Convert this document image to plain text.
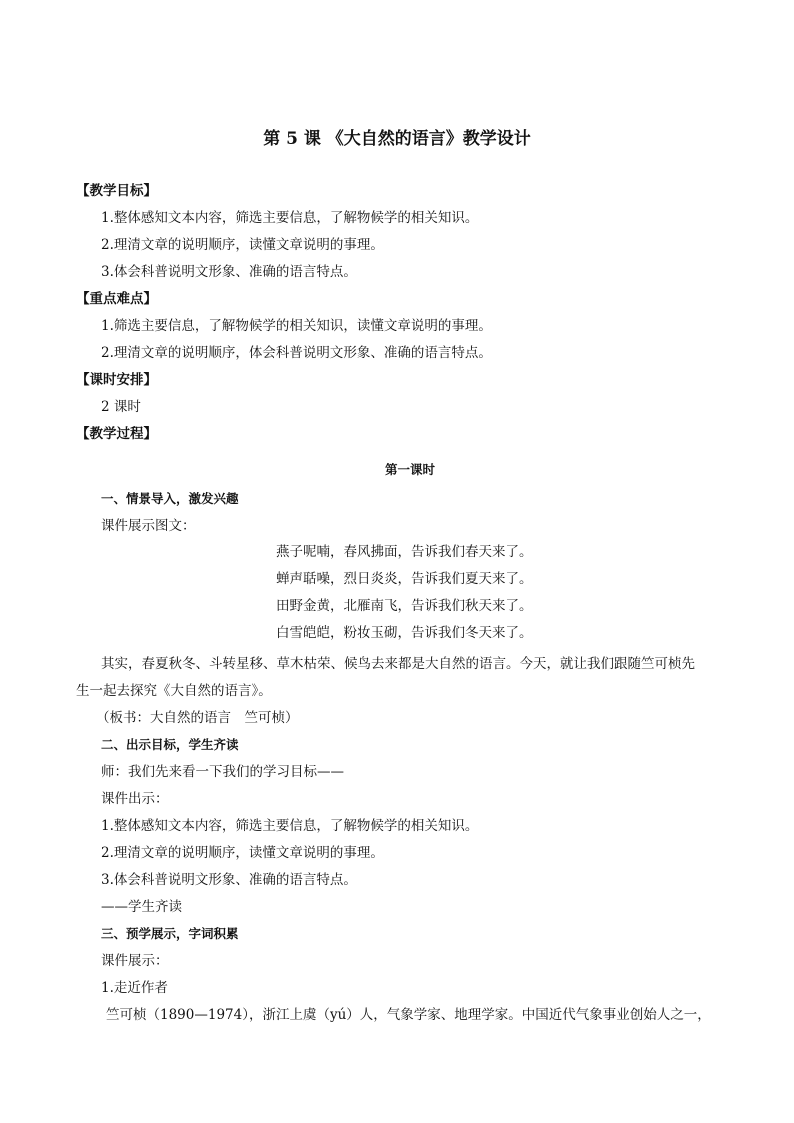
第 5 课 《大自然的语言》教学设计
【教学目标】
1.整体感知文本内容，筛选主要信息，了解物候学的相关知识。
2.理清文章的说明顺序，读懂文章说明的事理。
3.体会科普说明文形象、准确的语言特点。
【重点难点】
1.筛选主要信息，了解物候学的相关知识，读懂文章说明的事理。
2.理清文章的说明顺序，体会科普说明文形象、准确的语言特点。
【课时安排】
2 课时
【教学过程】
第一课时
一、情景导入，激发兴趣
课件展示图文：
燕子呢喃，春风拂面，告诉我们春天来了。
蝉声聒噪，烈日炎炎，告诉我们夏天来了。
田野金黄，北雁南飞，告诉我们秋天来了。
白雪皑皑，粉妆玉砌，告诉我们冬天来了。
其实，春夏秋冬、斗转星移、草木枯荣、候鸟去来都是大自然的语言。今天，就让我们跟随竺可桢先
生一起去探究《大自然的语言》。
（板书：大自然的语言　竺可桢）
二、出示目标，学生齐读
师：我们先来看一下我们的学习目标——
课件出示：
1.整体感知文本内容，筛选主要信息，了解物候学的相关知识。
2.理清文章的说明顺序，读懂文章说明的事理。
3.体会科普说明文形象、准确的语言特点。
——学生齐读
三、预学展示，字词积累
课件展示：
1.走近作者
竺可桢（1890—1974），浙江上虞（yú）人，气象学家、地理学家。中国近代气象事业创始人之一，
